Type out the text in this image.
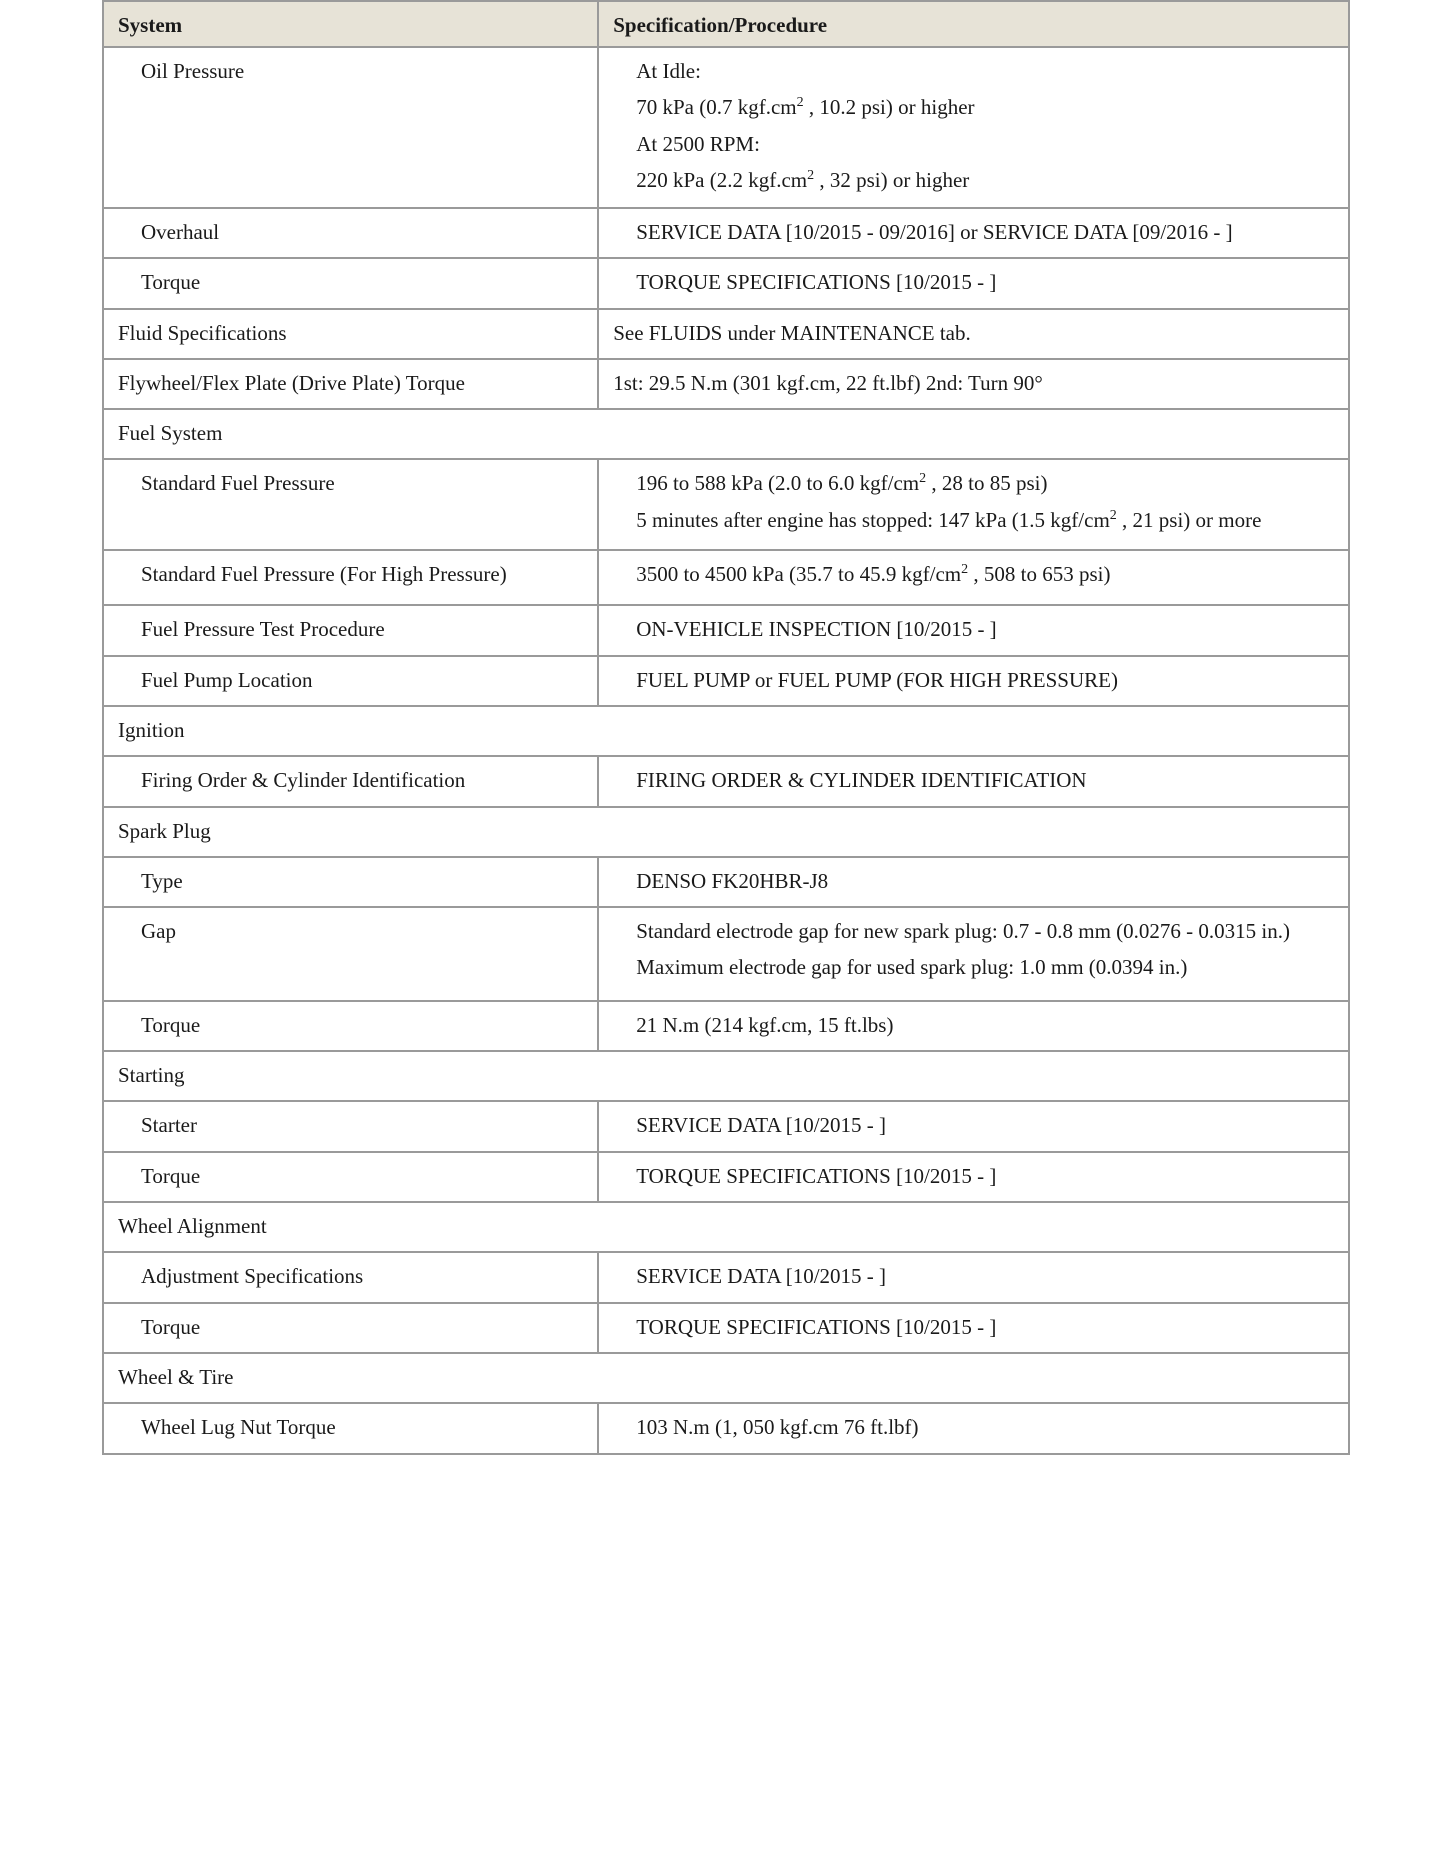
System	Specification/Procedure
Oil Pressure	At Idle:
70 kPa (0.7 $kgf.cm^2$ , 10.2 psi) or higher
At 2500 RPM:
220 kPa (2.2 $kgf.cm^2$ , 32 psi) or higher

Overhaul	SERVICE DATA [10/2015 - 09/2016] or SERVICE DATA [09/2016 - ]
Torque	TORQUE SPECIFICATIONS [10/2015 - ]
Fluid Specifications	See FLUIDS under MAINTENANCE tab.
Flywheel/Flex Plate (Drive Plate) Torque	1st: 29.5 N.m (301 kgf.cm, 22 ft.lbf) 2nd: Turn 90°
Fuel System	
Standard Fuel Pressure	196 to 588 kPa (2.0 to 6.0 kgf/$cm^2$ , 28 to 85 psi)
5 minutes after engine has stopped: 147 kPa (1.5 kgf/$cm^2$ , 21 psi) or more

Standard Fuel Pressure (For High Pressure)	3500 to 4500 kPa (35.7 to 45.9 kgf/$cm^2$ , 508 to 653 psi)

Fuel Pressure Test Procedure	ON-VEHICLE INSPECTION [10/2015 - ]
Fuel Pump Location	FUEL PUMP or FUEL PUMP (FOR HIGH PRESSURE)
Ignition	
Firing Order & Cylinder Identification	FIRING ORDER & CYLINDER IDENTIFICATION
Spark Plug	
Type	DENSO FK20HBR-J8
Gap	Standard electrode gap for new spark plug: 0.7 - 0.8 mm (0.0276 - 0.0315 in.)
Maximum electrode gap for used spark plug: 1.0 mm (0.0394 in.)

Torque	21 N.m (214 kgf.cm, 15 ft.lbs)
Starting	
Starter	SERVICE DATA [10/2015 - ]
Torque	TORQUE SPECIFICATIONS [10/2015 - ]
Wheel Alignment	
Adjustment Specifications	SERVICE DATA [10/2015 - ]
Torque	TORQUE SPECIFICATIONS [10/2015 - ]
Wheel & Tire	
Wheel Lug Nut Torque	103 N.m (1, 050 kgf.cm 76 ft.lbf)
